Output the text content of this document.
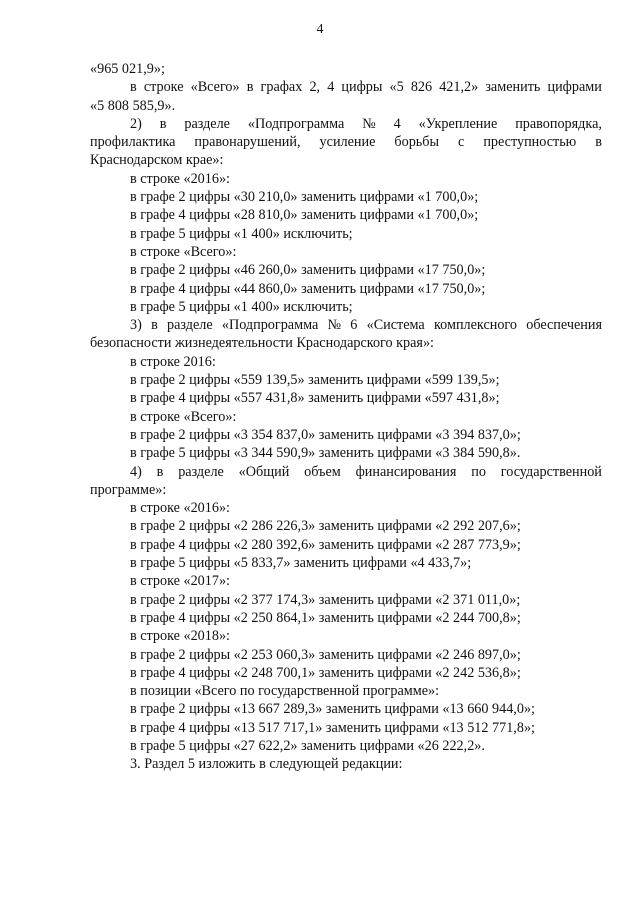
4
«965 021,9»;
в строке «Всего» в графах 2, 4 цифры «5 826 421,2» заменить цифрами
«5 808 585,9».
2) в разделе «Подпрограмма № 4 «Укрепление правопорядка,
профилактика правонарушений, усиление борьбы с преступностью в
Краснодарском крае»:
в строке «2016»:
в графе 2 цифры «30 210,0» заменить цифрами «1 700,0»;
в графе 4 цифры «28 810,0» заменить цифрами «1 700,0»;
в графе 5 цифры «1 400» исключить;
в строке «Всего»:
в графе 2 цифры «46 260,0» заменить цифрами «17 750,0»;
в графе 4 цифры «44 860,0» заменить цифрами «17 750,0»;
в графе 5 цифры «1 400» исключить;
3) в разделе «Подпрограмма № 6 «Система комплексного обеспечения
безопасности жизнедеятельности Краснодарского края»:
в строке 2016:
в графе 2 цифры «559 139,5» заменить цифрами «599 139,5»;
в графе 4 цифры «557 431,8» заменить цифрами «597 431,8»;
в строке «Всего»:
в графе 2 цифры «3 354 837,0» заменить цифрами «3 394 837,0»;
в графе 5 цифры «3 344 590,9» заменить цифрами «3 384 590,8».
4) в разделе «Общий объем финансирования по государственной
программе»:
в строке «2016»:
в графе 2 цифры «2 286 226,3» заменить цифрами «2 292 207,6»;
в графе 4 цифры «2 280 392,6» заменить цифрами «2 287 773,9»;
в графе 5 цифры «5 833,7» заменить цифрами «4 433,7»;
в строке «2017»:
в графе 2 цифры «2 377 174,3» заменить цифрами «2 371 011,0»;
в графе 4 цифры «2 250 864,1» заменить цифрами «2 244 700,8»;
в строке «2018»:
в графе 2 цифры «2 253 060,3» заменить цифрами «2 246 897,0»;
в графе 4 цифры «2 248 700,1» заменить цифрами «2 242 536,8»;
в позиции «Всего по государственной программе»:
в графе 2 цифры «13 667 289,3» заменить цифрами «13 660 944,0»;
в графе 4 цифры «13 517 717,1» заменить цифрами «13 512 771,8»;
в графе 5 цифры «27 622,2» заменить цифрами «26 222,2».
3. Раздел 5 изложить в следующей редакции:
